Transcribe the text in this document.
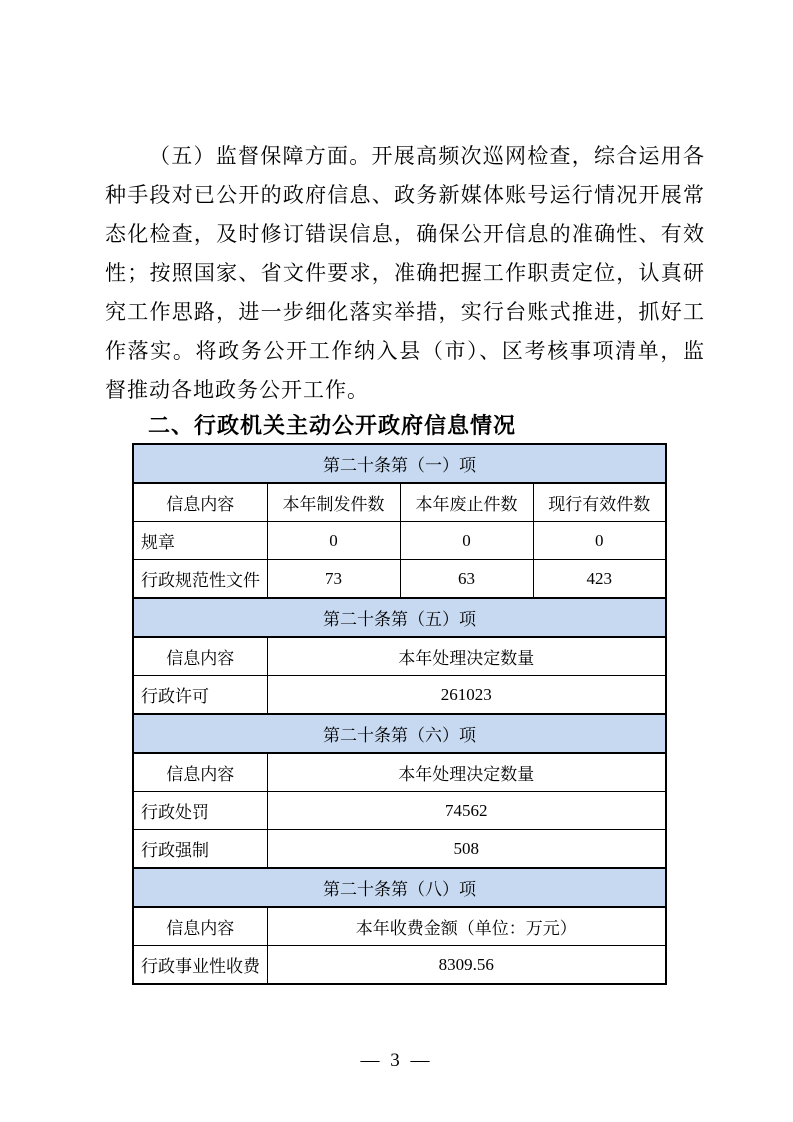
（五）监督保障方面。开展高频次巡网检查，综合运用各种手段对已公开的政府信息、政务新媒体账号运行情况开展常态化检查，及时修订错误信息，确保公开信息的准确性、有效性；按照国家、省文件要求，准确把握工作职责定位，认真研究工作思路，进一步细化落实举措，实行台账式推进，抓好工作落实。将政务公开工作纳入县（市）、区考核事项清单，监督推动各地政务公开工作。

二、行政机关主动公开政府信息情况
第二十条第（一）项			
信息内容	本年制发件数	本年废止件数	现行有效件数
规章	0	0	0
行政规范性文件	73	63	423
第二十条第（五）项			
信息内容	本年处理决定数量		
行政许可	261023		
第二十条第（六）项			
信息内容	本年处理决定数量		
行政处罚	74562		
行政强制	508		
第二十条第（八）项			
信息内容	本年收费金额（单位：万元）		
行政事业性收费	8309.56		
— 3 —
